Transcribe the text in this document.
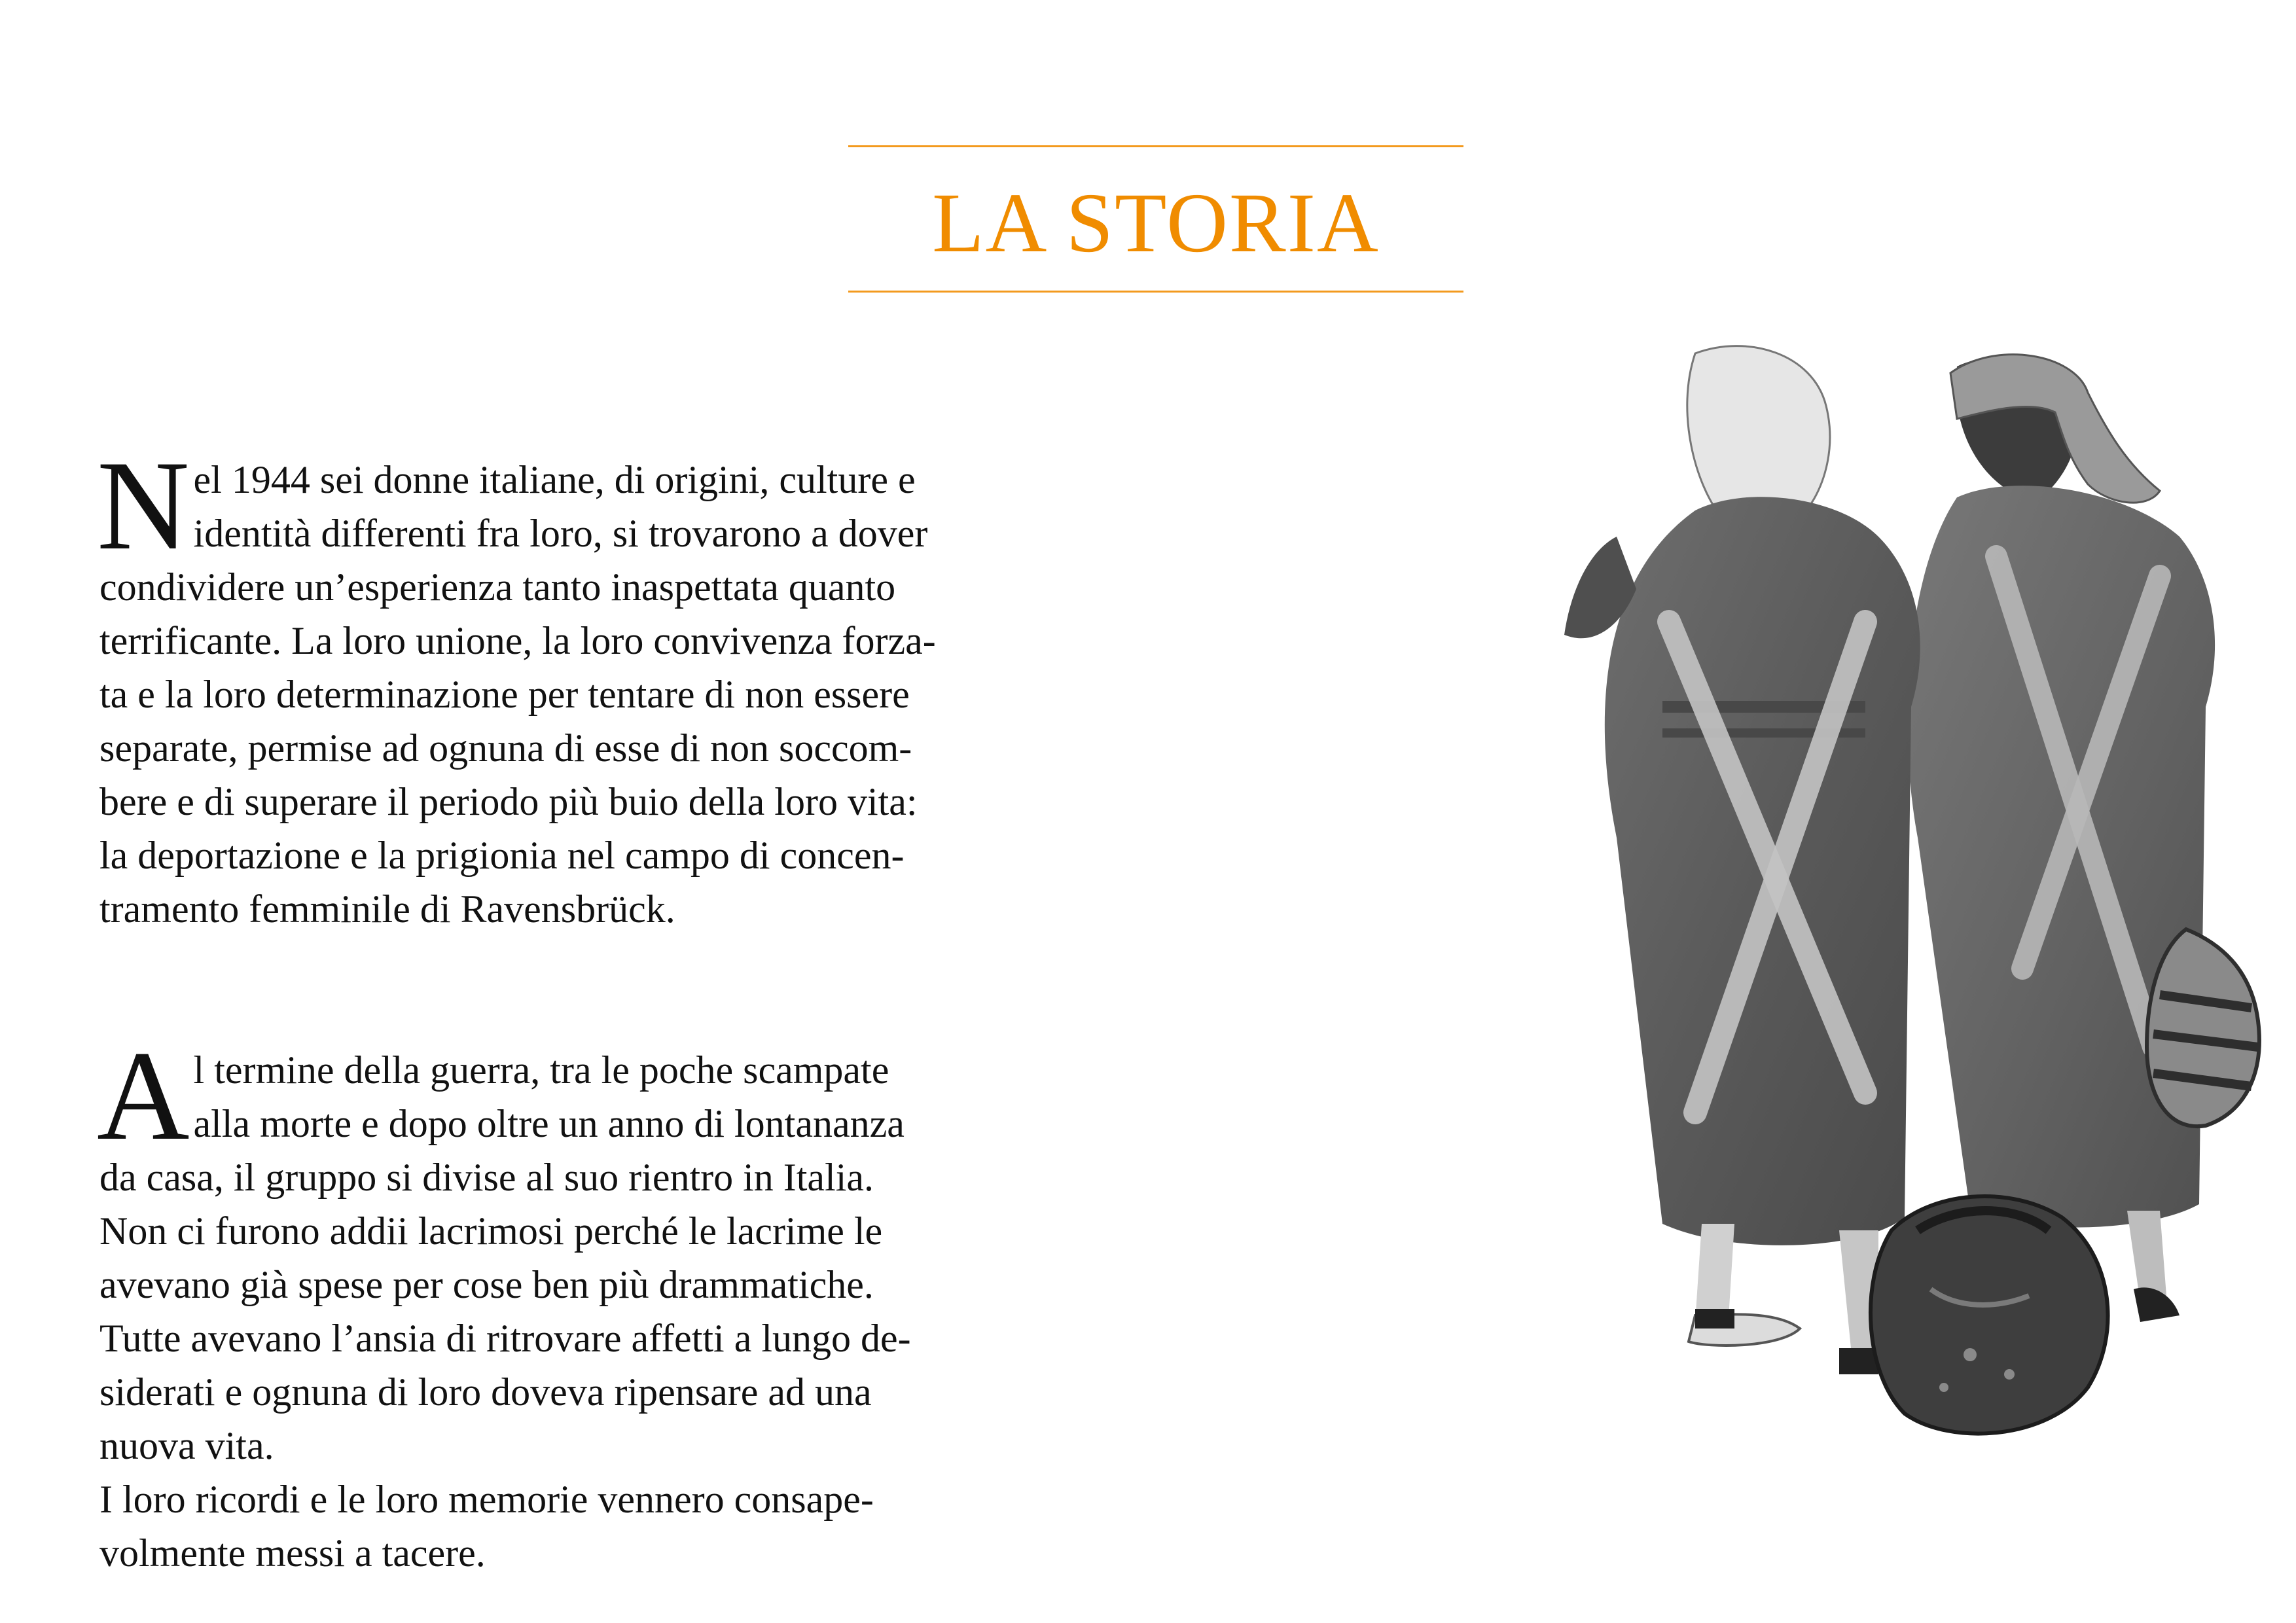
LA STORIA

N el 1944 sei donne italiane, di origini, culture e
identità differenti fra loro, si trovarono a dover
condividere un’esperienza tanto inaspettata quanto
terrificante. La loro unione, la loro convivenza forza-
ta e la loro determinazione per tentare di non essere
separate, permise ad ognuna di esse di non soccom-
bere e di superare il periodo più buio della loro vita:
la deportazione e la prigionia nel campo di concen-
tramento femminile di Ravensbrück.

A l termine della guerra, tra le poche scampate
alla morte e dopo oltre un anno di lontananza
da casa, il gruppo si divise al suo rientro in Italia.
Non ci furono addii lacrimosi perché le lacrime le
avevano già spese per cose ben più drammatiche.
Tutte avevano l’ansia di ritrovare affetti a lungo de-
siderati e ognuna di loro doveva ripensare ad una
nuova vita.
I loro ricordi e le loro memorie vennero consape-
volmente messi a tacere.
